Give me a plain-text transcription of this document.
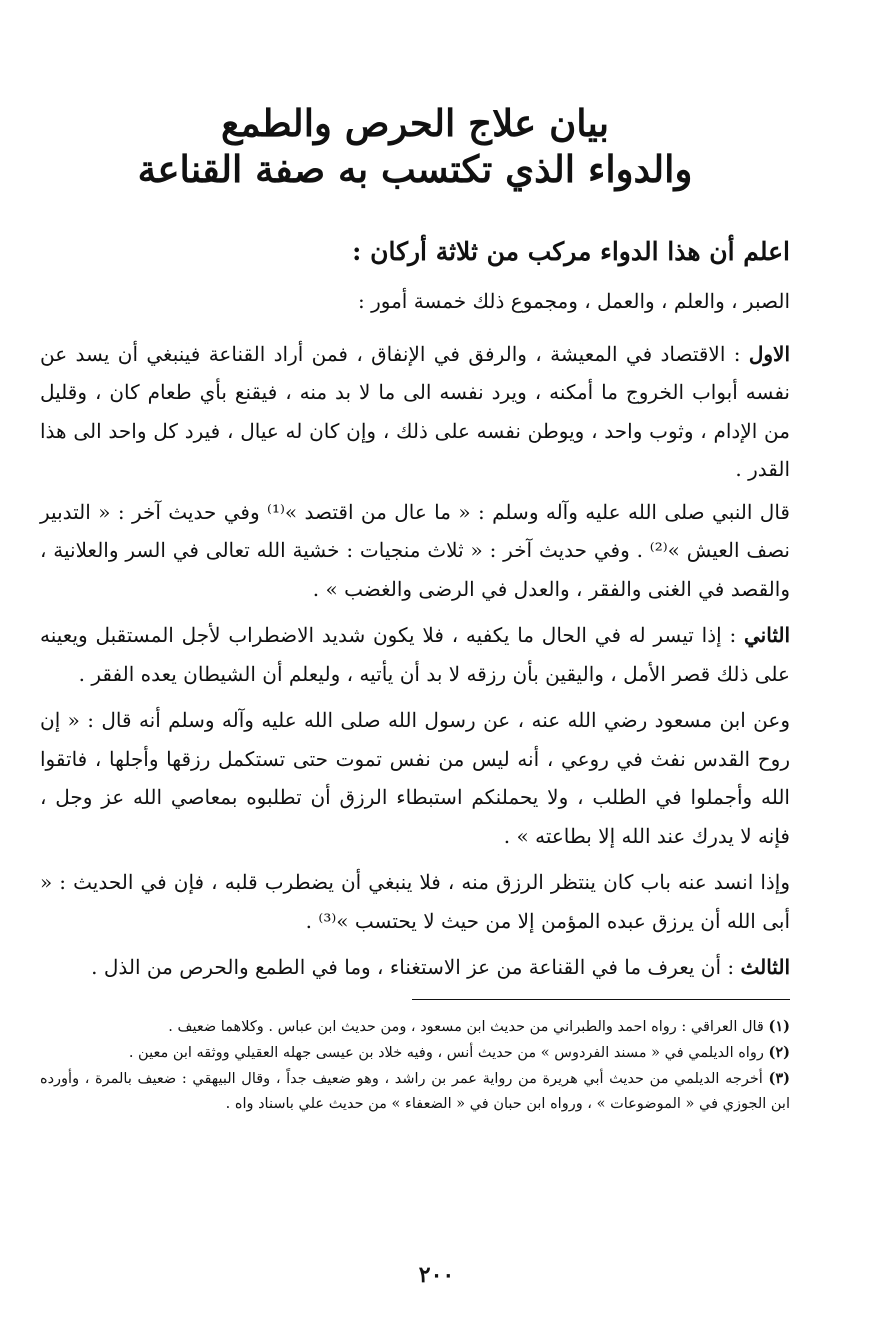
بيان علاج الحرص والطمع
والدواء الذي تكتسب به صفة القناعة

اعلم أن هذا الدواء مركب من ثلاثة أركان :

الصبر ، والعلم ، والعمل ، ومجموع ذلك خمسة أمور :

الاول : الاقتصاد في المعيشة ، والرفق في الإنفاق ، فمن أراد القناعة فينبغي أن يسد عن نفسه أبواب الخروج ما أمكنه ، ويرد نفسه الى ما لا بد منه ، فيقنع بأي طعام كان ، وقليل من الإدام ، وثوب واحد ، ويوطن نفسه على ذلك ، وإن كان له عيال ، فيرد كل واحد الى هذا القدر .

قال النبي صلى الله عليه وآله وسلم : « ما عال من اقتصد »⁽¹⁾ وفي حديث آخر : « التدبير نصف العيش »⁽²⁾ . وفي حديث آخر : « ثلاث منجيات : خشية الله تعالى في السر والعلانية ، والقصد في الغنى والفقر ، والعدل في الرضى والغضب » .

الثاني : إذا تيسر له في الحال ما يكفيه ، فلا يكون شديد الاضطراب لأجل المستقبل ويعينه على ذلك قصر الأمل ، واليقين بأن رزقه لا بد أن يأتيه ، وليعلم أن الشيطان يعده الفقر .

وعن ابن مسعود رضي الله عنه ، عن رسول الله صلى الله عليه وآله وسلم أنه قال : « إن روح القدس نفث في روعي ، أنه ليس من نفس تموت حتى تستكمل رزقها وأجلها ، فاتقوا الله وأجملوا في الطلب ، ولا يحملنكم استبطاء الرزق أن تطلبوه بمعاصي الله عز وجل ، فإنه لا يدرك عند الله إلا بطاعته » .

وإذا انسد عنه باب كان ينتظر الرزق منه ، فلا ينبغي أن يضطرب قلبه ، فإن في الحديث : « أبى الله أن يرزق عبده المؤمن إلا من حيث لا يحتسب »⁽³⁾ .

الثالث : أن يعرف ما في القناعة من عز الاستغناء ، وما في الطمع والحرص من الذل .

(١) قال العراقي : رواه احمد والطبراني من حديث ابن مسعود ، ومن حديث ابن عباس . وكلاهما ضعيف .

(٢) رواه الديلمي في « مسند الفردوس » من حديث أنس ، وفيه خلاد بن عيسى جهله العقيلي ووثقه ابن معين .

(٣) أخرجه الديلمي من حديث أبي هريرة من رواية عمر بن راشد ، وهو ضعيف جداً ، وقال البيهقي : ضعيف بالمرة ، وأورده ابن الجوزي في « الموضوعات » ، ورواه ابن حبان في « الضعفاء » من حديث علي باسناد واه .

٢٠٠
